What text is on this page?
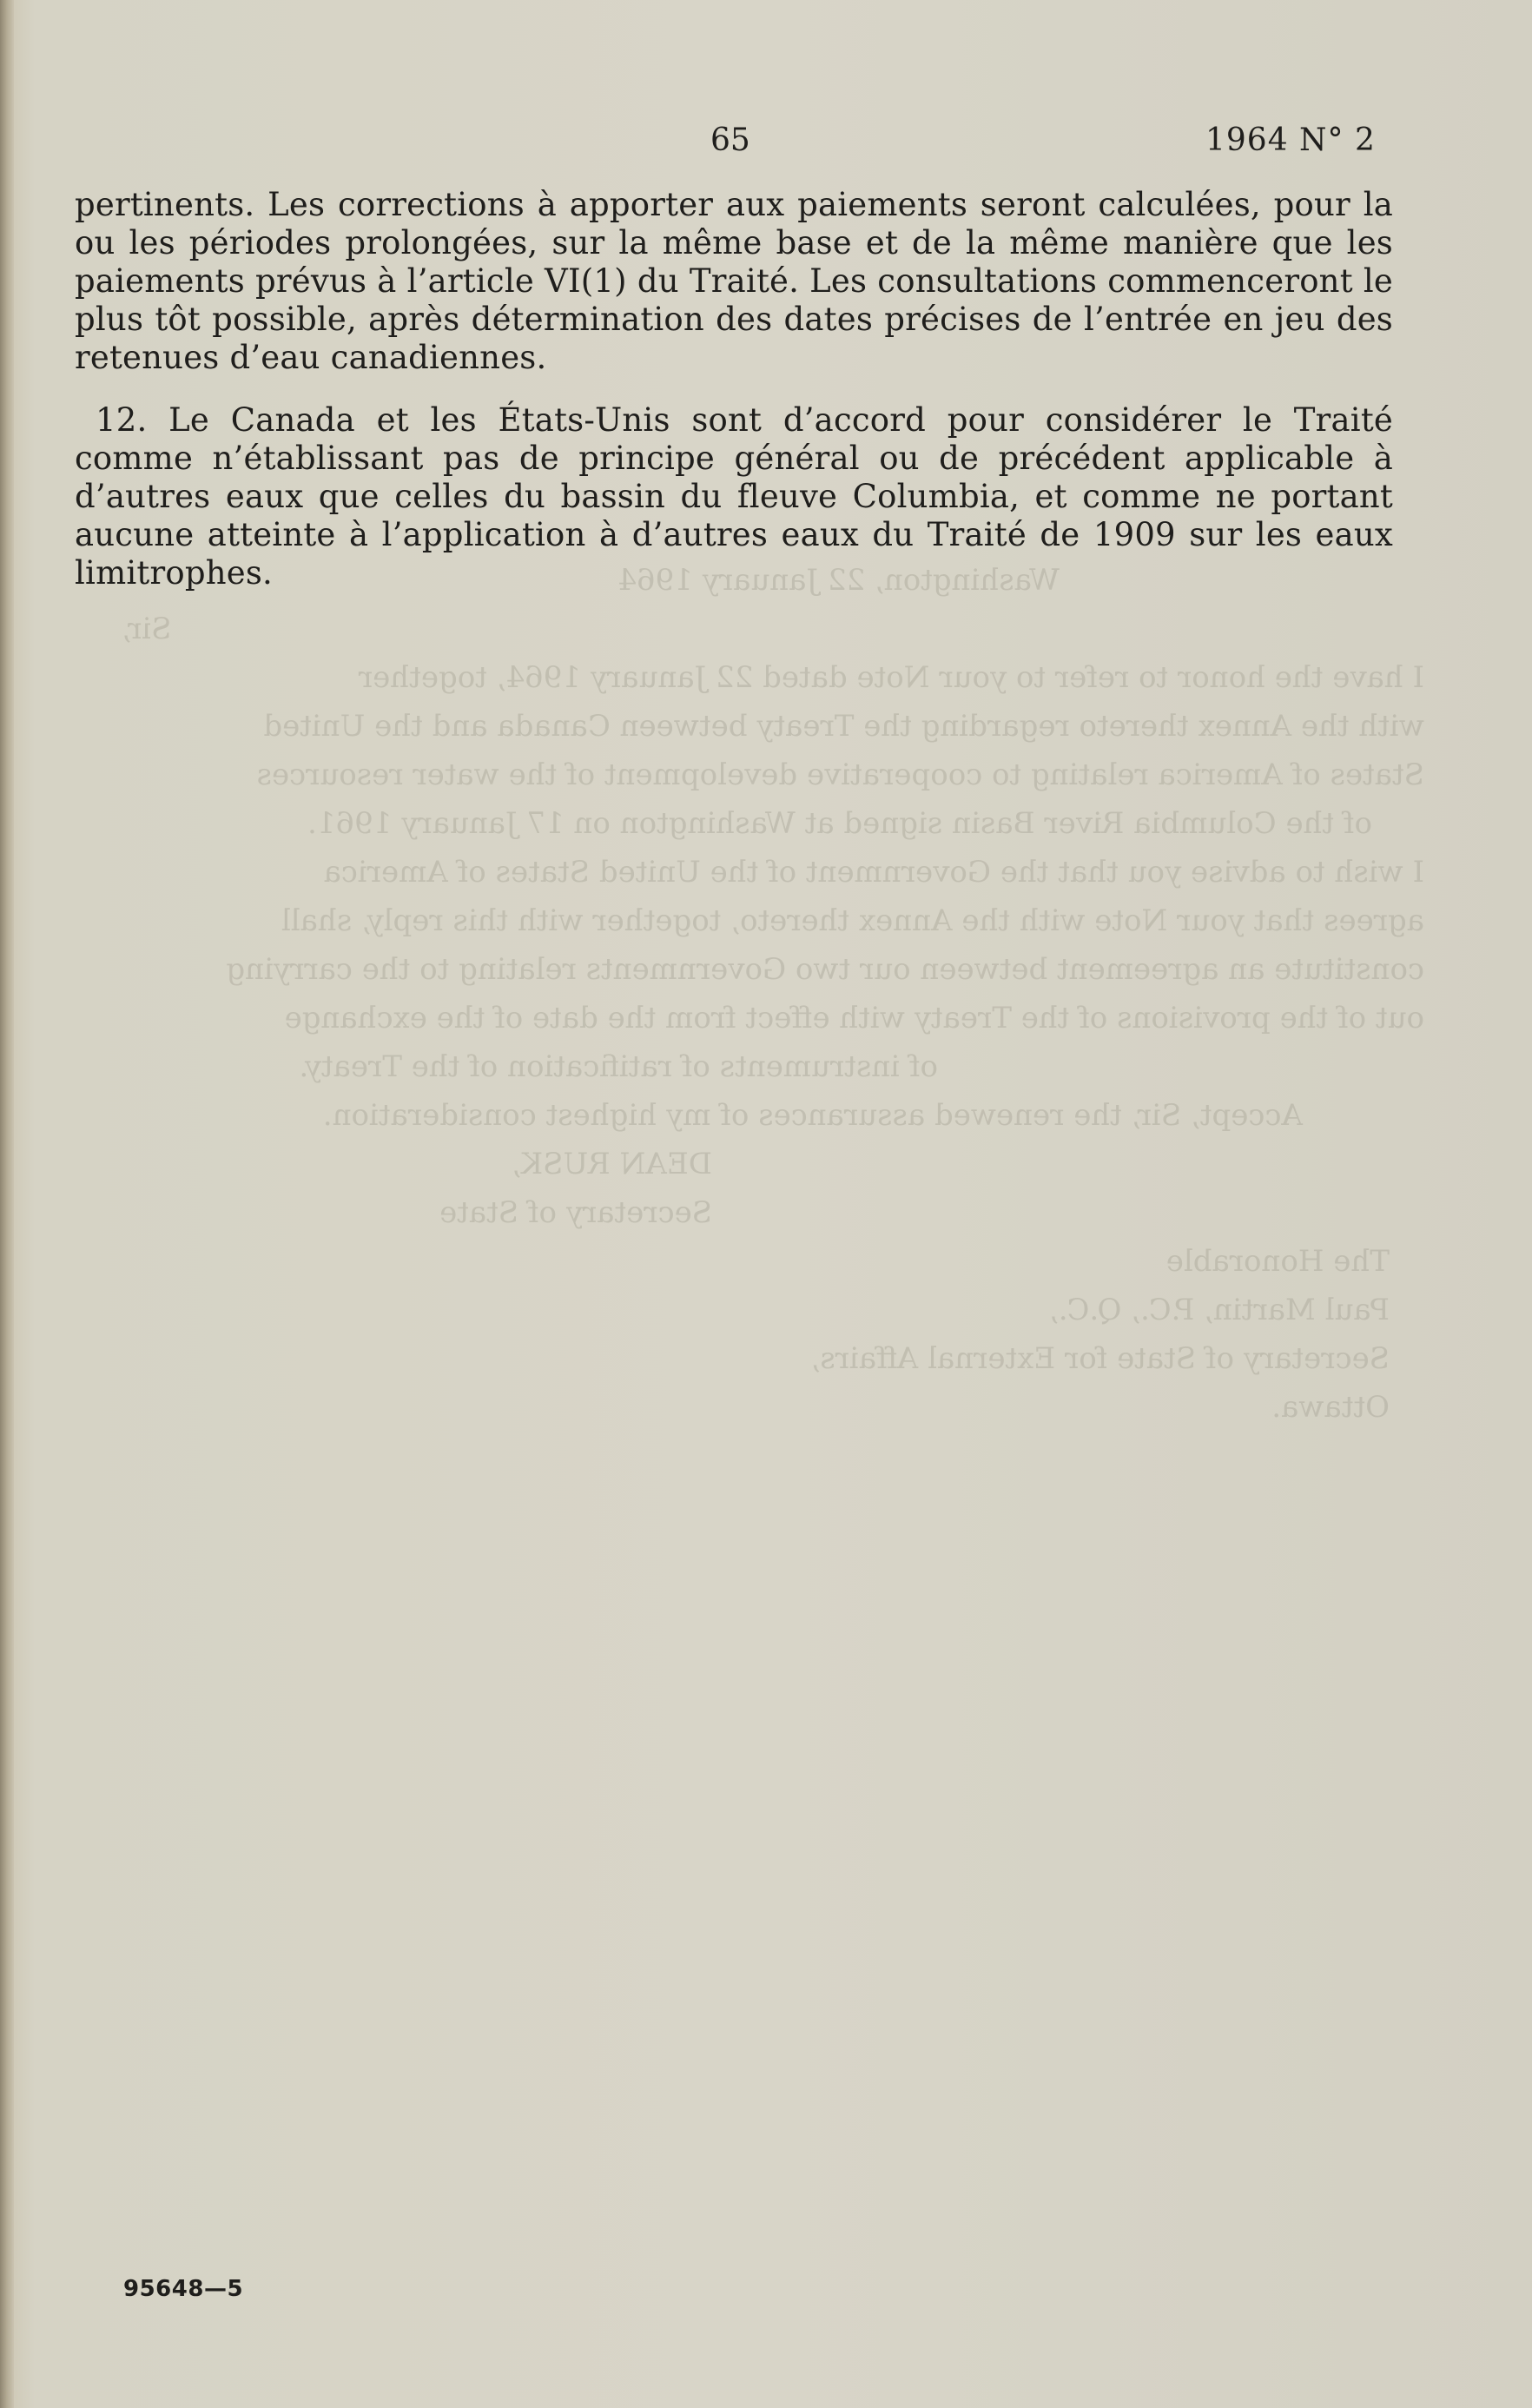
Washington, 22 January 1964
Sir,
I have the honor to refer to your Note dated 22 January 1964, together
with the Annex thereto regarding the Treaty between Canada and the United
States of America relating to cooperative development of the water resources
of the Columbia River Basin signed at Washington on 17 January 1961.
I wish to advise you that the Government of the United States of America
agrees that your Note with the Annex thereto, together with this reply, shall
constitute an agreement between our two Governments relating to the carrying
out of the provisions of the Treaty with effect from the date of the exchange
of instruments of ratification of the Treaty.
Accept, Sir, the renewed assurances of my highest consideration.
DEAN RUSK,
Secretary of State
The Honorable
Paul Martin, P.C., Q.C.,
Secretary of State for External Affairs,
Ottawa.
65	1964 N° 2

pertinents. Les corrections à apporter aux paiements seront calculées, pour la ou les périodes prolongées, sur la même base et de la même manière que les paiements prévus à l’article VI(1) du Traité. Les consultations commenceront le plus tôt possible, après détermination des dates précises de l’entrée en jeu des retenues d’eau canadiennes.

12. Le Canada et les États-Unis sont d’accord pour considérer le Traité comme n’établissant pas de principe général ou de précédent applicable à d’autres eaux que celles du bassin du fleuve Columbia, et comme ne portant aucune atteinte à l’application à d’autres eaux du Traité de 1909 sur les eaux limitrophes.

95648—5
